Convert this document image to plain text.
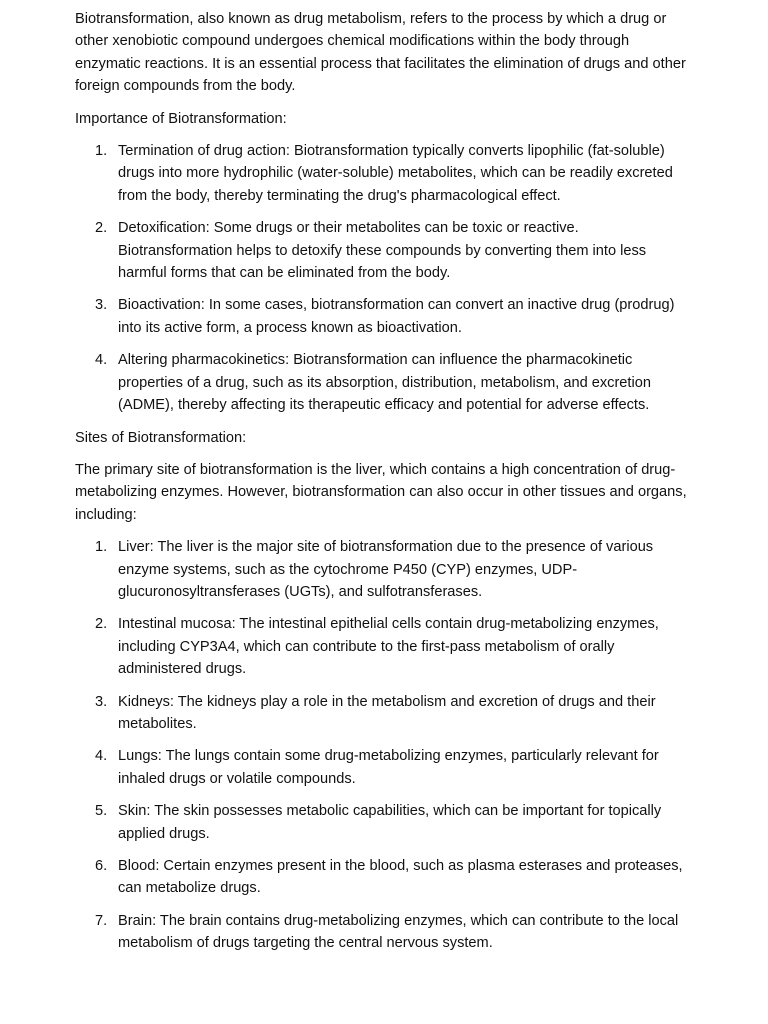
Biotransformation, also known as drug metabolism, refers to the process by which a drug or other xenobiotic compound undergoes chemical modifications within the body through enzymatic reactions. It is an essential process that facilitates the elimination of drugs and other foreign compounds from the body.

Importance of Biotransformation:

1. Termination of drug action: Biotransformation typically converts lipophilic (fat-soluble) drugs into more hydrophilic (water-soluble) metabolites, which can be readily excreted from the body, thereby terminating the drug's pharmacological effect.
2. Detoxification: Some drugs or their metabolites can be toxic or reactive. Biotransformation helps to detoxify these compounds by converting them into less harmful forms that can be eliminated from the body.
3. Bioactivation: In some cases, biotransformation can convert an inactive drug (prodrug) into its active form, a process known as bioactivation.
4. Altering pharmacokinetics: Biotransformation can influence the pharmacokinetic properties of a drug, such as its absorption, distribution, metabolism, and excretion (ADME), thereby affecting its therapeutic efficacy and potential for adverse effects.

Sites of Biotransformation:

The primary site of biotransformation is the liver, which contains a high concentration of drug-metabolizing enzymes. However, biotransformation can also occur in other tissues and organs, including:

1. Liver: The liver is the major site of biotransformation due to the presence of various enzyme systems, such as the cytochrome P450 (CYP) enzymes, UDP-glucuronosyltransferases (UGTs), and sulfotransferases.
2. Intestinal mucosa: The intestinal epithelial cells contain drug-metabolizing enzymes, including CYP3A4, which can contribute to the first-pass metabolism of orally administered drugs.
3. Kidneys: The kidneys play a role in the metabolism and excretion of drugs and their metabolites.
4. Lungs: The lungs contain some drug-metabolizing enzymes, particularly relevant for inhaled drugs or volatile compounds.
5. Skin: The skin possesses metabolic capabilities, which can be important for topically applied drugs.
6. Blood: Certain enzymes present in the blood, such as plasma esterases and proteases, can metabolize drugs.
7. Brain: The brain contains drug-metabolizing enzymes, which can contribute to the local metabolism of drugs targeting the central nervous system.
